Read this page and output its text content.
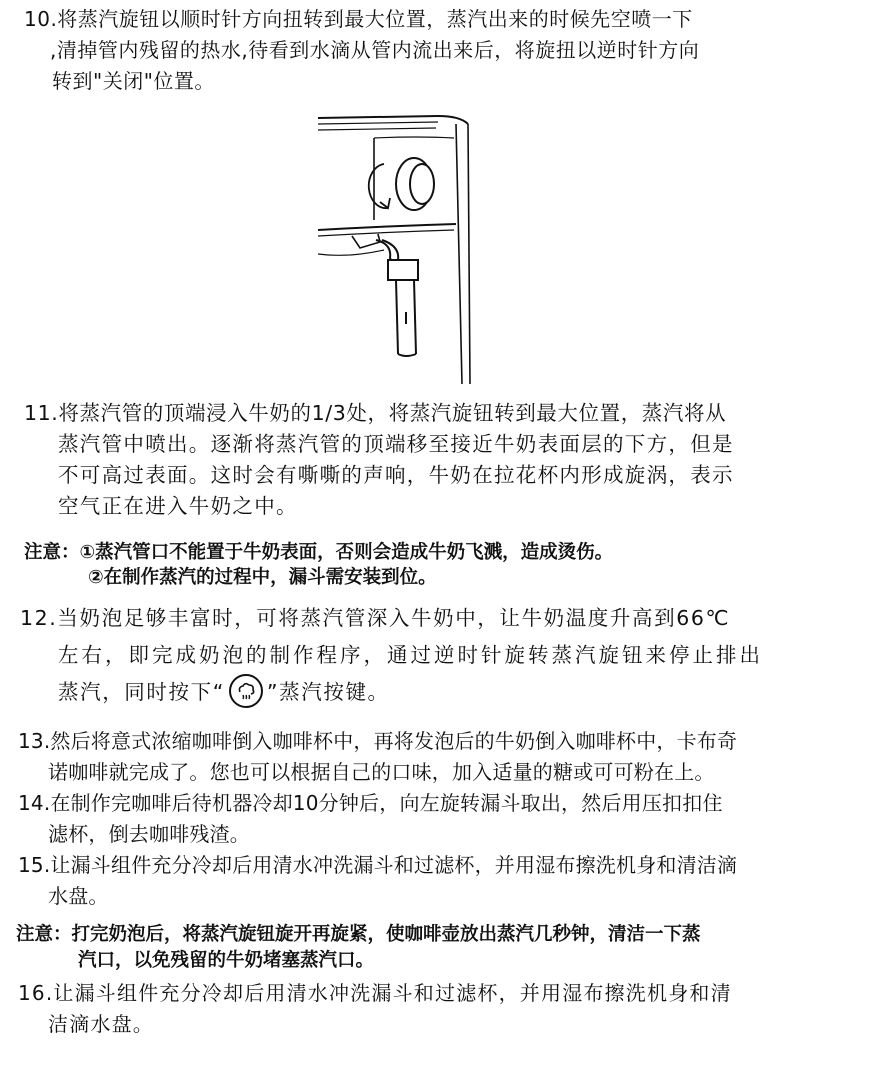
10.将蒸汽旋钮以顺时针方向扭转到最大位置，蒸汽出来的时候先空喷一下
,清掉管内残留的热水,待看到水滴从管内流出来后，将旋扭以逆时针方向
转到"关闭"位置。
11.将蒸汽管的顶端浸入牛奶的1/3处，将蒸汽旋钮转到最大位置，蒸汽将从
蒸汽管中喷出。逐渐将蒸汽管的顶端移至接近牛奶表面层的下方，但是
不可高过表面。这时会有嘶嘶的声响，牛奶在拉花杯内形成旋涡，表示
空气正在进入牛奶之中。
注意：①蒸汽管口不能置于牛奶表面，否则会造成牛奶飞溅，造成烫伤。
②在制作蒸汽的过程中，漏斗需安装到位。
12.当奶泡足够丰富时，可将蒸汽管深入牛奶中，让牛奶温度升高到66℃
左右，即完成奶泡的制作程序，通过逆时针旋转蒸汽旋钮来停止排出
蒸汽，同时按下“ ”蒸汽按键。
13.然后将意式浓缩咖啡倒入咖啡杯中，再将发泡后的牛奶倒入咖啡杯中，卡布奇
诺咖啡就完成了。您也可以根据自己的口味，加入适量的糖或可可粉在上。
14.在制作完咖啡后待机器冷却10分钟后，向左旋转漏斗取出，然后用压扣扣住
滤杯，倒去咖啡残渣。
15.让漏斗组件充分冷却后用清水冲洗漏斗和过滤杯，并用湿布擦洗机身和清洁滴
水盘。
注意：打完奶泡后，将蒸汽旋钮旋开再旋紧，使咖啡壶放出蒸汽几秒钟，清洁一下蒸
汽口，以免残留的牛奶堵塞蒸汽口。
16.让漏斗组件充分冷却后用清水冲洗漏斗和过滤杯，并用湿布擦洗机身和清
洁滴水盘。
